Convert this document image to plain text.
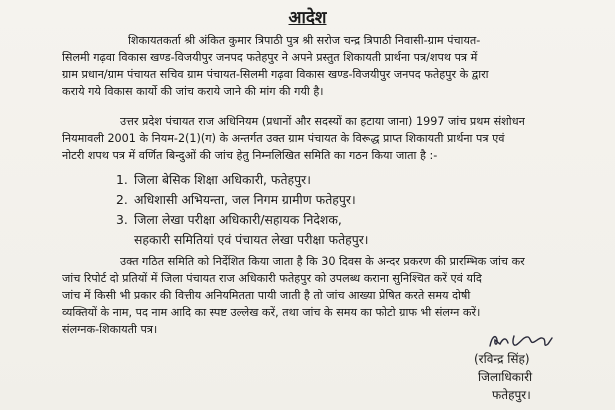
आदेश
शिकायतकर्ता श्री अंकित कुमार त्रिपाठी पुत्र श्री सरोज चन्द्र त्रिपाठी निवासी-ग्राम पंचायत-
सिलमी गढ़वा विकास खण्ड-विजयीपुर जनपद फतेहपुर ने अपने प्रस्तुत शिकायती प्रार्थना पत्र/शपथ पत्र में
ग्राम प्रधान/ग्राम पंचायत सचिव ग्राम पंचायत-सिलमी गढ़वा विकास खण्ड-विजयीपुर जनपद फतेहपुर के द्वारा
कराये गये विकास कार्यो की जांच कराये जाने की मांग की गयी है।
उत्तर प्रदेश पंचायत राज अधिनियम (प्रधानों और सदस्यों का हटाया जाना) 1997 जांच प्रथम संशोधन
नियमावली 2001 के नियम-2(1)(ग) के अन्तर्गत उक्त ग्राम पंचायत के विरूद्ध प्राप्त शिकायती प्रार्थना पत्र एवं
नोटरी शपथ पत्र में वर्णित बिन्दुओं की जांच हेतु निम्नलिखित समिति का गठन किया जाता है :-
1. जिला बेसिक शिक्षा अधिकारी, फतेहपुर।
2. अधिशासी अभियन्ता, जल निगम ग्रामीण फतेहपुर।
3. जिला लेखा परीक्षा अधिकारी/सहायक निदेशक,
सहकारी समितियां एवं पंचायत लेखा परीक्षा फतेहपुर।
उक्त गठित समिति को निर्देशित किया जाता है कि 30 दिवस के अन्दर प्रकरण की प्रारम्भिक जांच कर
जांच रिपोर्ट दो प्रतियों में जिला पंचायत राज अधिकारी फतेहपुर को उपलब्ध कराना सुनिश्चित करें एवं यदि
जांच में किसी भी प्रकार की वित्तीय अनियमितता पायी जाती है तो जांच आख्या प्रेषित करते समय दोषी
व्यक्तियों के नाम, पद नाम आदि का स्पष्ट उल्लेख करें, तथा जांच के समय का फोटो ग्राफ भी संलग्न करें।
संलग्नक-शिकायती पत्र।
(रविन्द्र सिंह)
जिलाधिकारी
फतेहपुर।
